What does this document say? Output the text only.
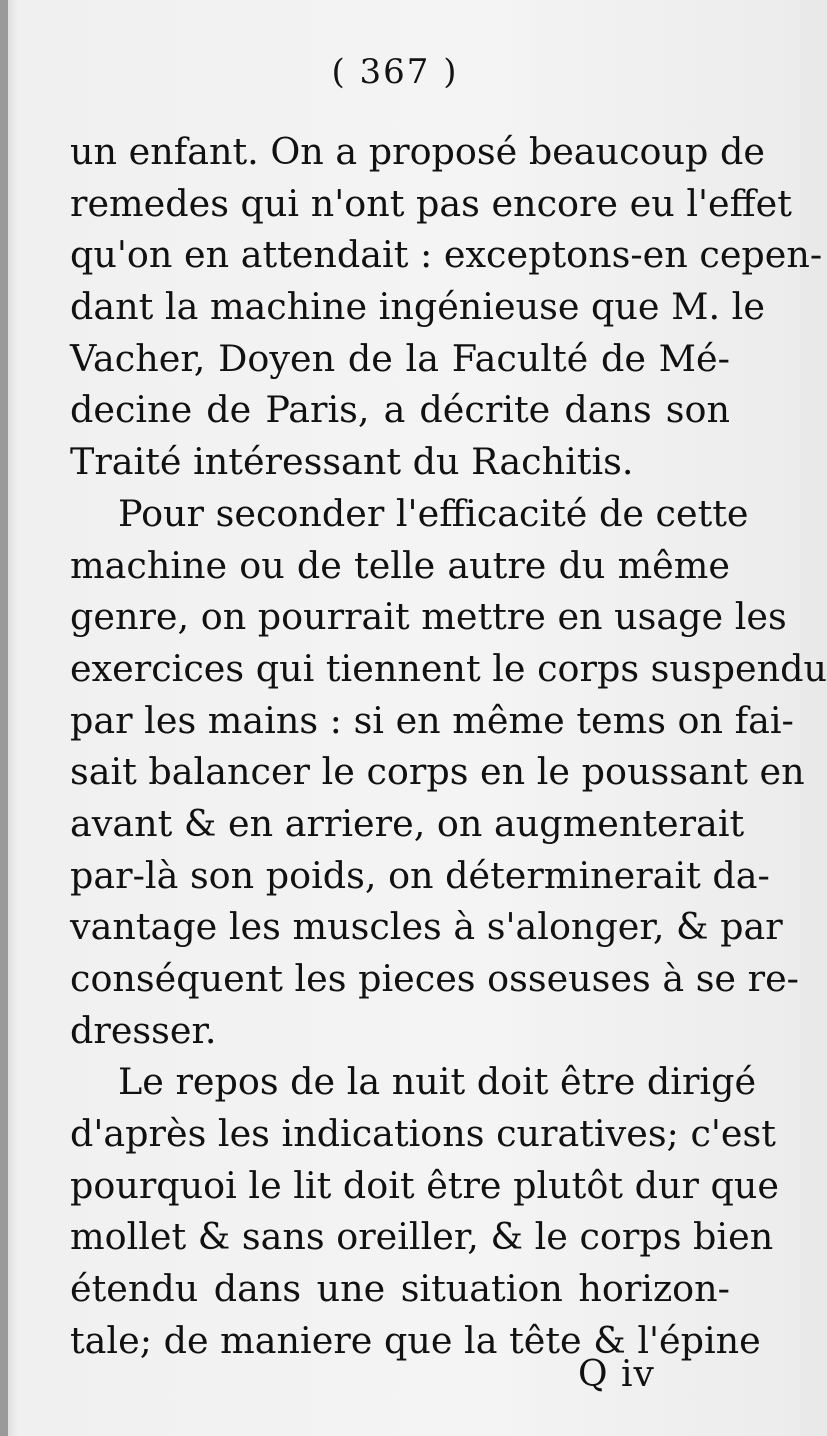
( 367 )
un enfant. On a proposé beaucoup de
remedes qui n'ont pas encore eu l'effet
qu'on en attendait : exceptons-en cepen-
dant la machine ingénieuse que M. le
Vacher, Doyen de la Faculté de Mé-
decine de Paris, a décrite dans son
Traité intéressant du Rachitis.
Pour seconder l'efficacité de cette
machine ou de telle autre du même
genre, on pourrait mettre en usage les
exercices qui tiennent le corps suspendu
par les mains : si en même tems on fai-
sait balancer le corps en le poussant en
avant & en arriere, on augmenterait
par-là son poids, on déterminerait da-
vantage les muscles à s'alonger, & par
conséquent les pieces osseuses à se re-
dresser.
Le repos de la nuit doit être dirigé
d'après les indications curatives; c'est
pourquoi le lit doit être plutôt dur que
mollet & sans oreiller, & le corps bien
étendu dans une situation horizon-
tale; de maniere que la tête & l'épine
Q iv
